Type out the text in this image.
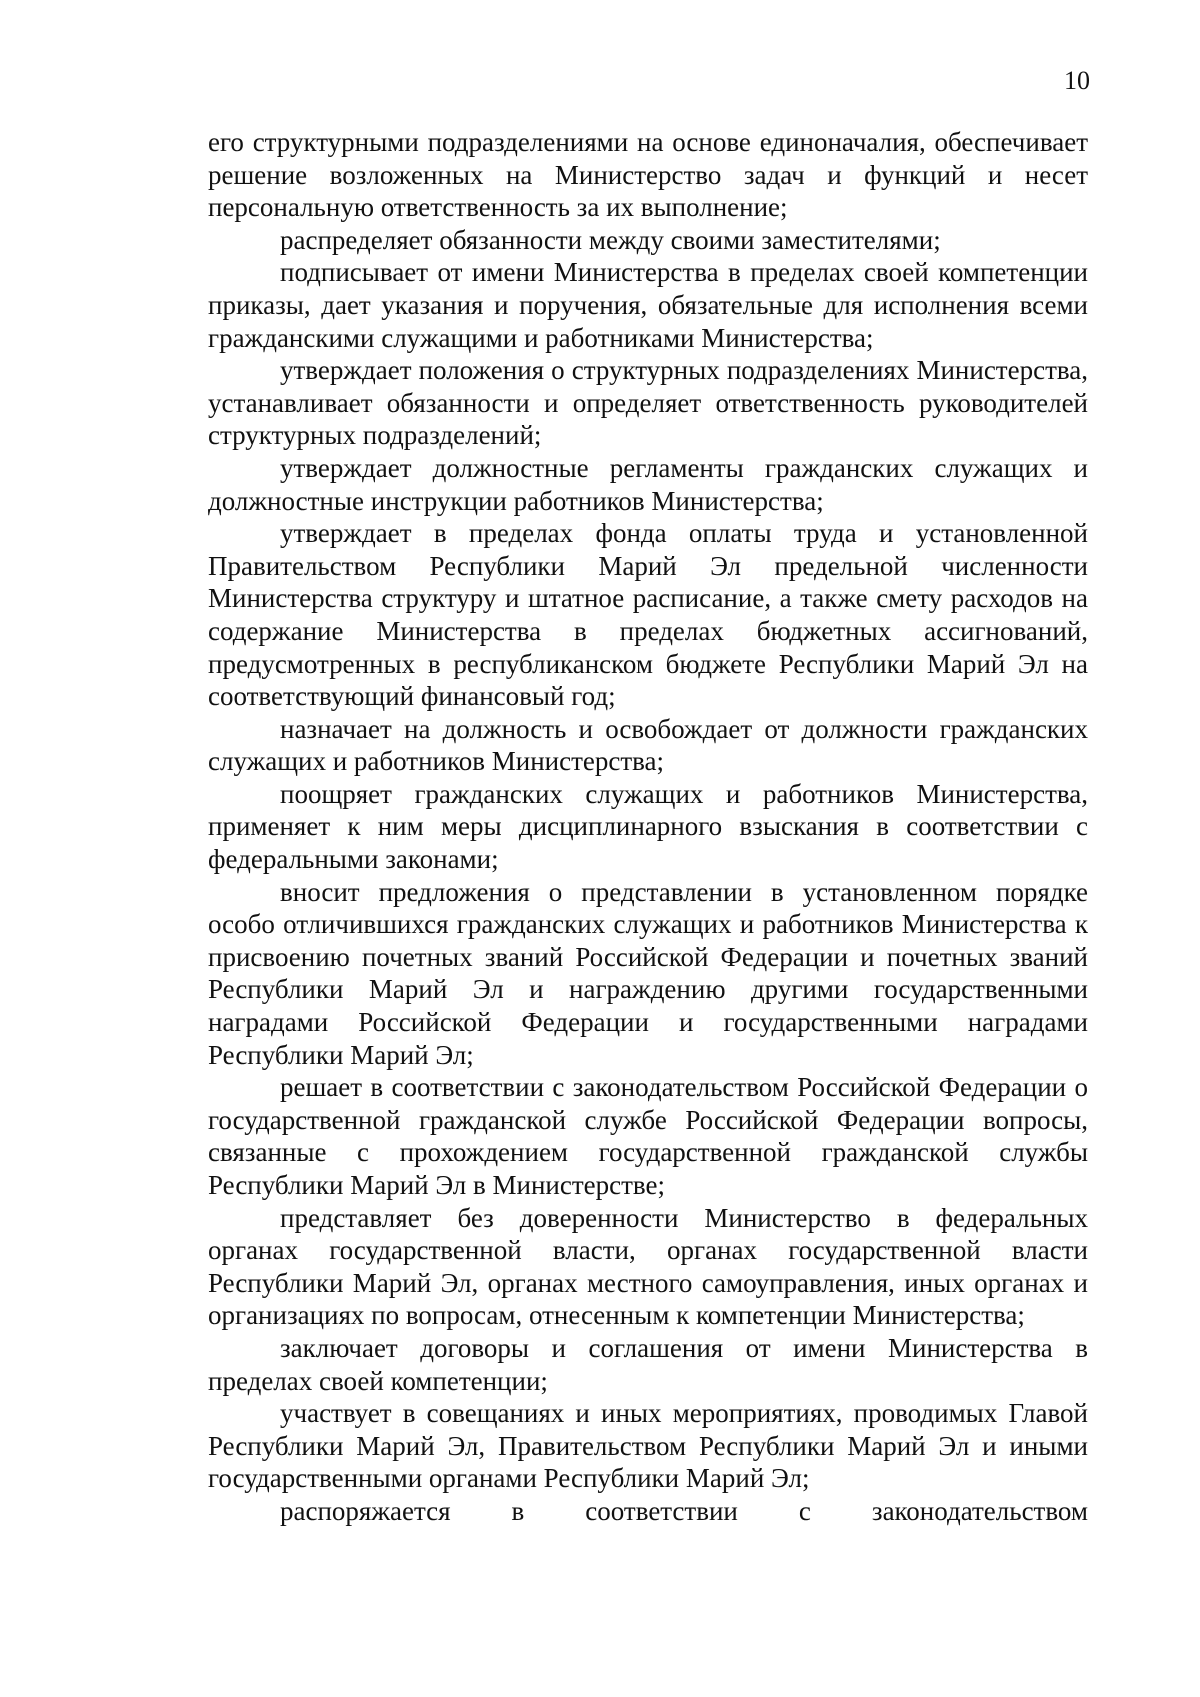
10

его структурными подразделениями на основе единоначалия, обеспечивает решение возложенных на Министерство задач и функций и несет персональную ответственность за их выполнение;

распределяет обязанности между своими заместителями;

подписывает от имени Министерства в пределах своей компетенции приказы, дает указания и поручения, обязательные для исполнения всеми гражданскими служащими и работниками Министерства;

утверждает положения о структурных подразделениях Министерства, устанавливает обязанности и определяет ответственность руководителей структурных подразделений;

утверждает должностные регламенты гражданских служащих и должностные инструкции работников Министерства;

утверждает в пределах фонда оплаты труда и установленной Правительством Республики Марий Эл предельной численности Министерства структуру и штатное расписание, а также смету расходов на содержание Министерства в пределах бюджетных ассигнований, предусмотренных в республиканском бюджете Республики Марий Эл на соответствующий финансовый год;

назначает на должность и освобождает от должности гражданских служащих и работников Министерства;

поощряет гражданских служащих и работников Министерства, применяет к ним меры дисциплинарного взыскания в соответствии с федеральными законами;

вносит предложения о представлении в установленном порядке особо отличившихся гражданских служащих и работников Министерства к присвоению почетных званий Российской Федерации и почетных званий Республики Марий Эл и награждению другими государственными наградами Российской Федерации и государственными наградами Республики Марий Эл;

решает в соответствии с законодательством Российской Федерации о государственной гражданской службе Российской Федерации вопросы, связанные с прохождением государственной гражданской службы Республики Марий Эл в Министерстве;

представляет без доверенности Министерство в федеральных органах государственной власти, органах государственной власти Республики Марий Эл, органах местного самоуправления, иных органах и организациях по вопросам, отнесенным к компетенции Министерства;

заключает договоры и соглашения от имени Министерства в пределах своей компетенции;

участвует в совещаниях и иных мероприятиях, проводимых Главой Республики Марий Эл, Правительством Республики Марий Эл и иными государственными органами Республики Марий Эл;

распоряжается в соответствии с законодательством
